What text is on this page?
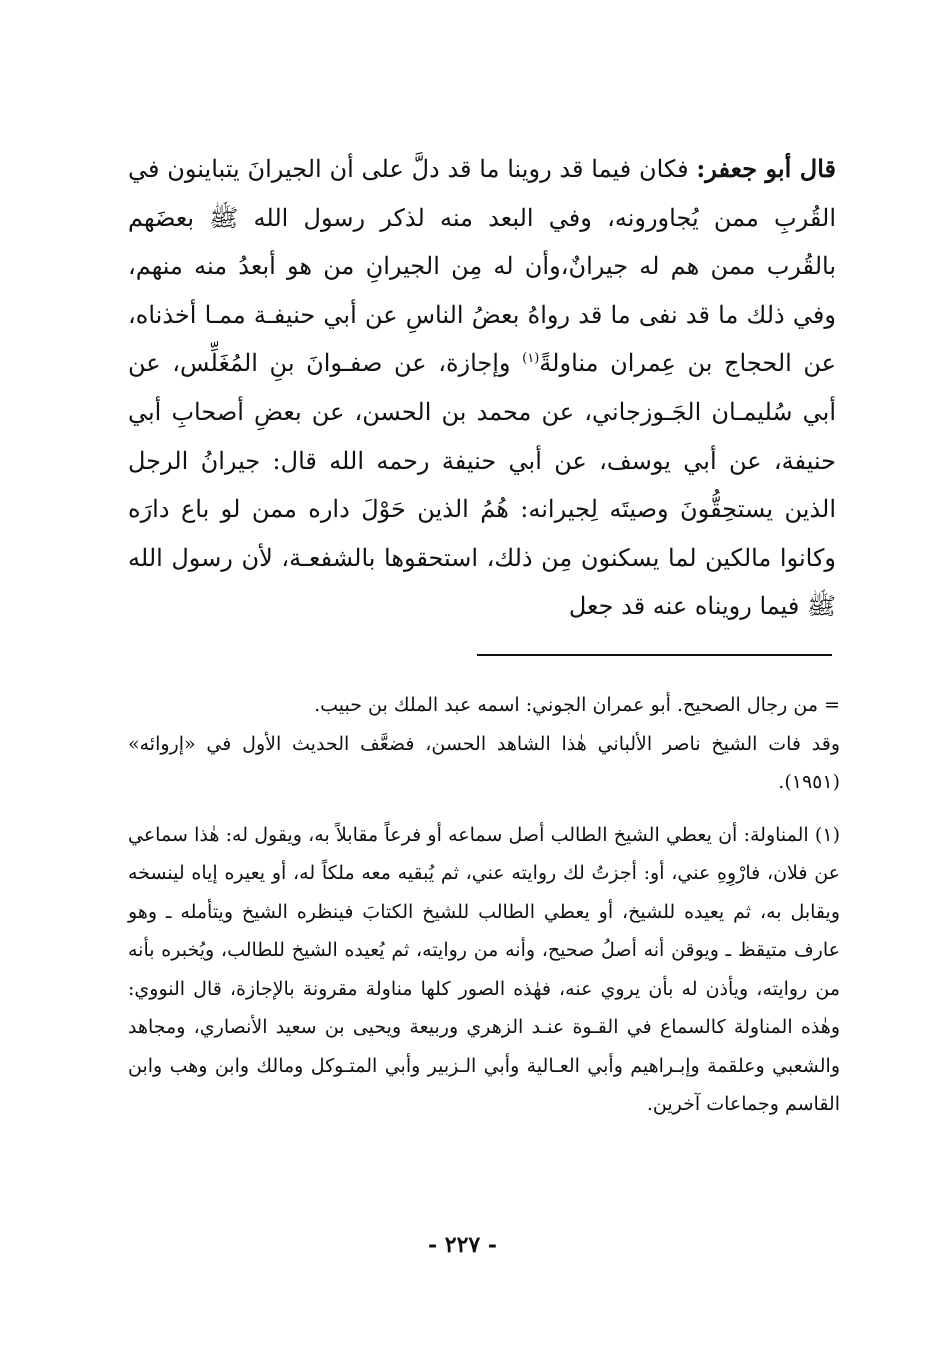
قال أبو جعفر: فكان فيما قد روينا ما قد دلَّ على أن الجيرانَ يتباينون في القُربِ ممن يُجاورونه، وفي البعد منه لذكر رسول الله ﷺ بعضَهم بالقُرب ممن هم له جيرانٌ،وأن له مِن الجيرانِ من هو أبعدُ منه منهم، وفي ذلك ما قد نفى ما قد رواهُ بعضُ الناسِ عن أبي حنيفـة ممـا أخذناه، عن الحجاج بن عِمران مناولةً$^{(١)}$ وإجازة، عن صفـوانَ بنِ المُغَلِّس، عن أبي سُليمـان الجَـوزجاني، عن محمد بن الحسن، عن بعضِ أصحابِ أبي حنيفة، عن أبي يوسف، عن أبي حنيفة رحمه الله قال: جيرانُ الرجل الذين يستحِقُّونَ وصيتَه لِجيرانه: هُمُ الذين حَوْلَ داره ممن لو باع دارَه وكانوا مالكين لما يسكنون مِن ذلك، استحقوها بالشفعـة، لأن رسول الله ﷺ فيما رويناه عنه قد جعل

= من رجال الصحيح. أبو عمران الجوني: اسمه عبد الملك بن حبيب.

وقد فات الشيخ ناصر الألباني هٰذا الشاهد الحسن، فضعَّف الحديث الأول في «إروائه» (١٩٥١).

(١) المناولة: أن يعطي الشيخ الطالب أصل سماعه أو فرعاً مقابلاً به، ويقول له: هٰذا سماعي عن فلان، فارْوِهِ عني، أو: أجزتُ لك روايته عني، ثم يُبقيه معه ملكاً له، أو يعيره إياه لينسخه ويقابل به، ثم يعيده للشيخ، أو يعطي الطالب للشيخ الكتابَ فينظره الشيخ ويتأمله ـ وهو عارف متيقظ ـ ويوقن أنه أصلُ صحيح، وأنه من روايته، ثم يُعيده الشيخ للطالب، ويُخبره بأنه من روايته، ويأذن له بأن يروي عنه، فهٰذه الصور كلها مناولة مقرونة بالإجازة، قال النووي: وهٰذه المناولة كالسماع في القـوة عنـد الزهري وربيعة ويحيى بن سعيد الأنصاري، ومجاهد والشعبي وعلقمة وإبـراهيم وأبي العـالية وأبي الـزبير وأبي المتـوكل ومالك وابن وهب وابن القاسم وجماعات آخرين.

- ٢٢٧ -
